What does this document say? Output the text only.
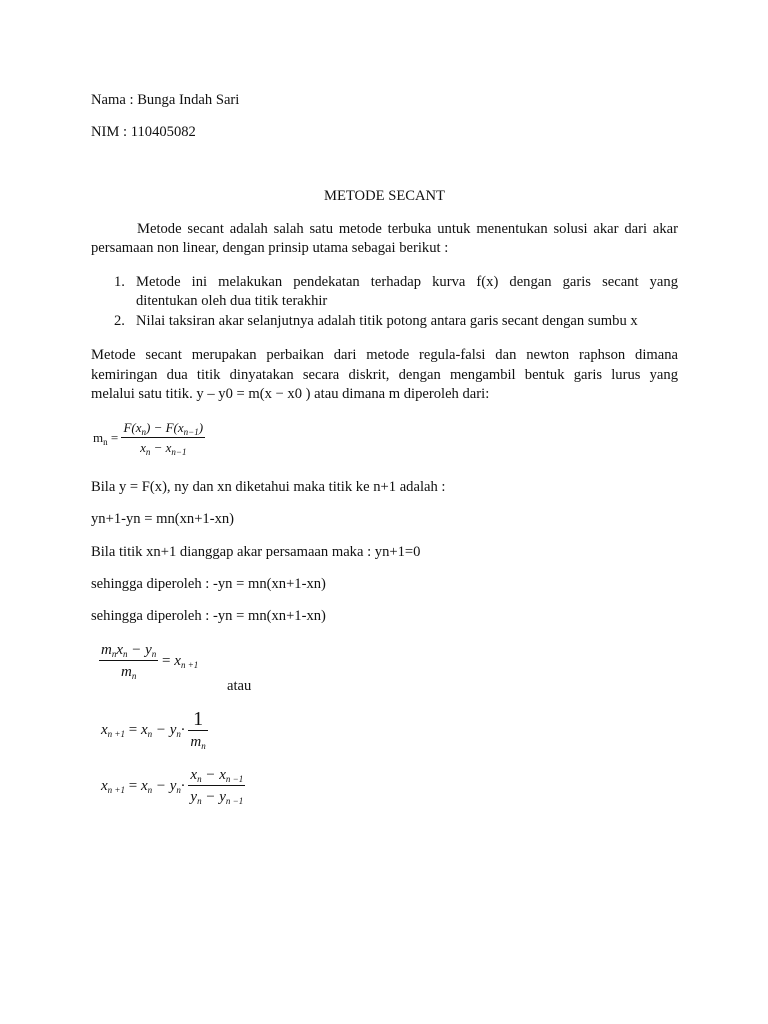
Nama : Bunga Indah Sari

NIM : 110405082

METODE SECANT

Metode secant adalah salah satu metode terbuka untuk menentukan solusi akar dari akar

persamaan non linear, dengan prinsip utama sebagai berikut :

1. Metode ini melakukan pendekatan terhadap kurva f(x) dengan garis secant yang
ditentukan oleh dua titik terakhir
2. Nilai taksiran akar selanjutnya adalah titik potong antara garis secant dengan sumbu x

Metode secant merupakan perbaikan dari metode regula-falsi dan newton raphson dimana

kemiringan dua titik dinyatakan secara diskrit, dengan mengambil bentuk garis lurus yang

melalui satu titik. y – y0 = m(x − x0 ) atau dimana m diperoleh dari:

$m_n = \frac{F(x_n) - F(x_{n-1})}{x_n - x_{n-1}}$

Bila y = F(x), ny dan xn diketahui maka titik ke n+1 adalah :

yn+1-yn = mn(xn+1-xn)

Bila titik xn+1 dianggap akar persamaan maka : yn+1=0

sehingga diperoleh : -yn = mn(xn+1-xn)

sehingga diperoleh : -yn = mn(xn+1-xn)

$\frac{m_nx_n - y_n}{m_n} = x_{n +1}$

atau

$x_{n +1} = x_n - y_n\cdot \frac{1}{m_n}$
$x_{n +1} = x_n - y_n\cdot \frac{x_n - x_{n -1}}{y_n - y_{n -1}}$
